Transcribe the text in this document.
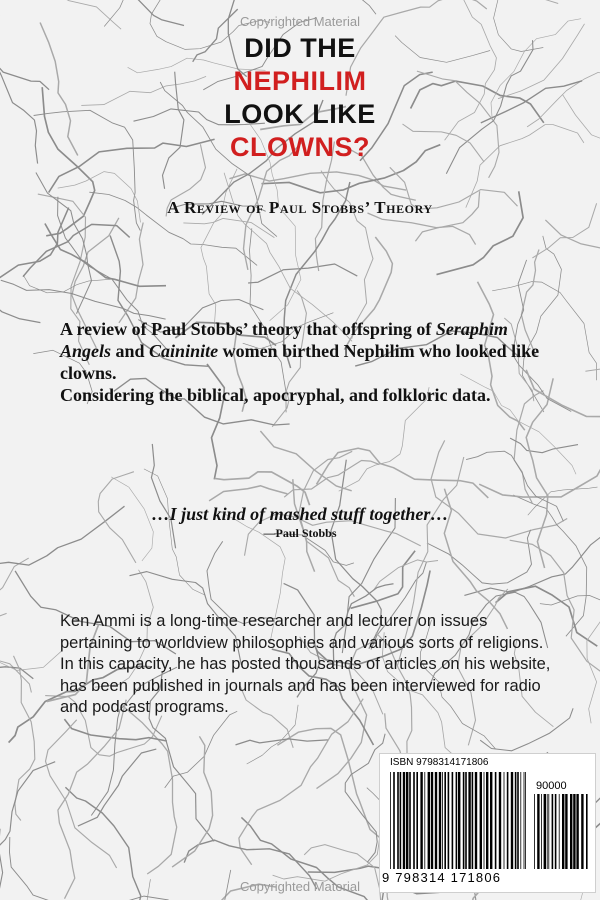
Copyrighted Material
DID THE
NEPHILIM
LOOK LIKE
CLOWNS?
A Review of Paul Stobbs’ Theory
A review of Paul Stobbs’ theory that offspring of Seraphim Angels and Caininite women birthed Nephilim who looked like clowns.
Considering the biblical, apocryphal, and folkloric data.
…I just kind of mashed stuff together…
—Paul Stobbs
Ken Ammi is a long-time researcher and lecturer on issues pertaining to worldview philosophies and various sorts of religions.
In this capacity, he has posted thousands of articles on his website, has been published in journals and has been interviewed for radio and podcast programs.
ISBN 9798314171806
90000
9 798314 171806
Copyrighted Material
